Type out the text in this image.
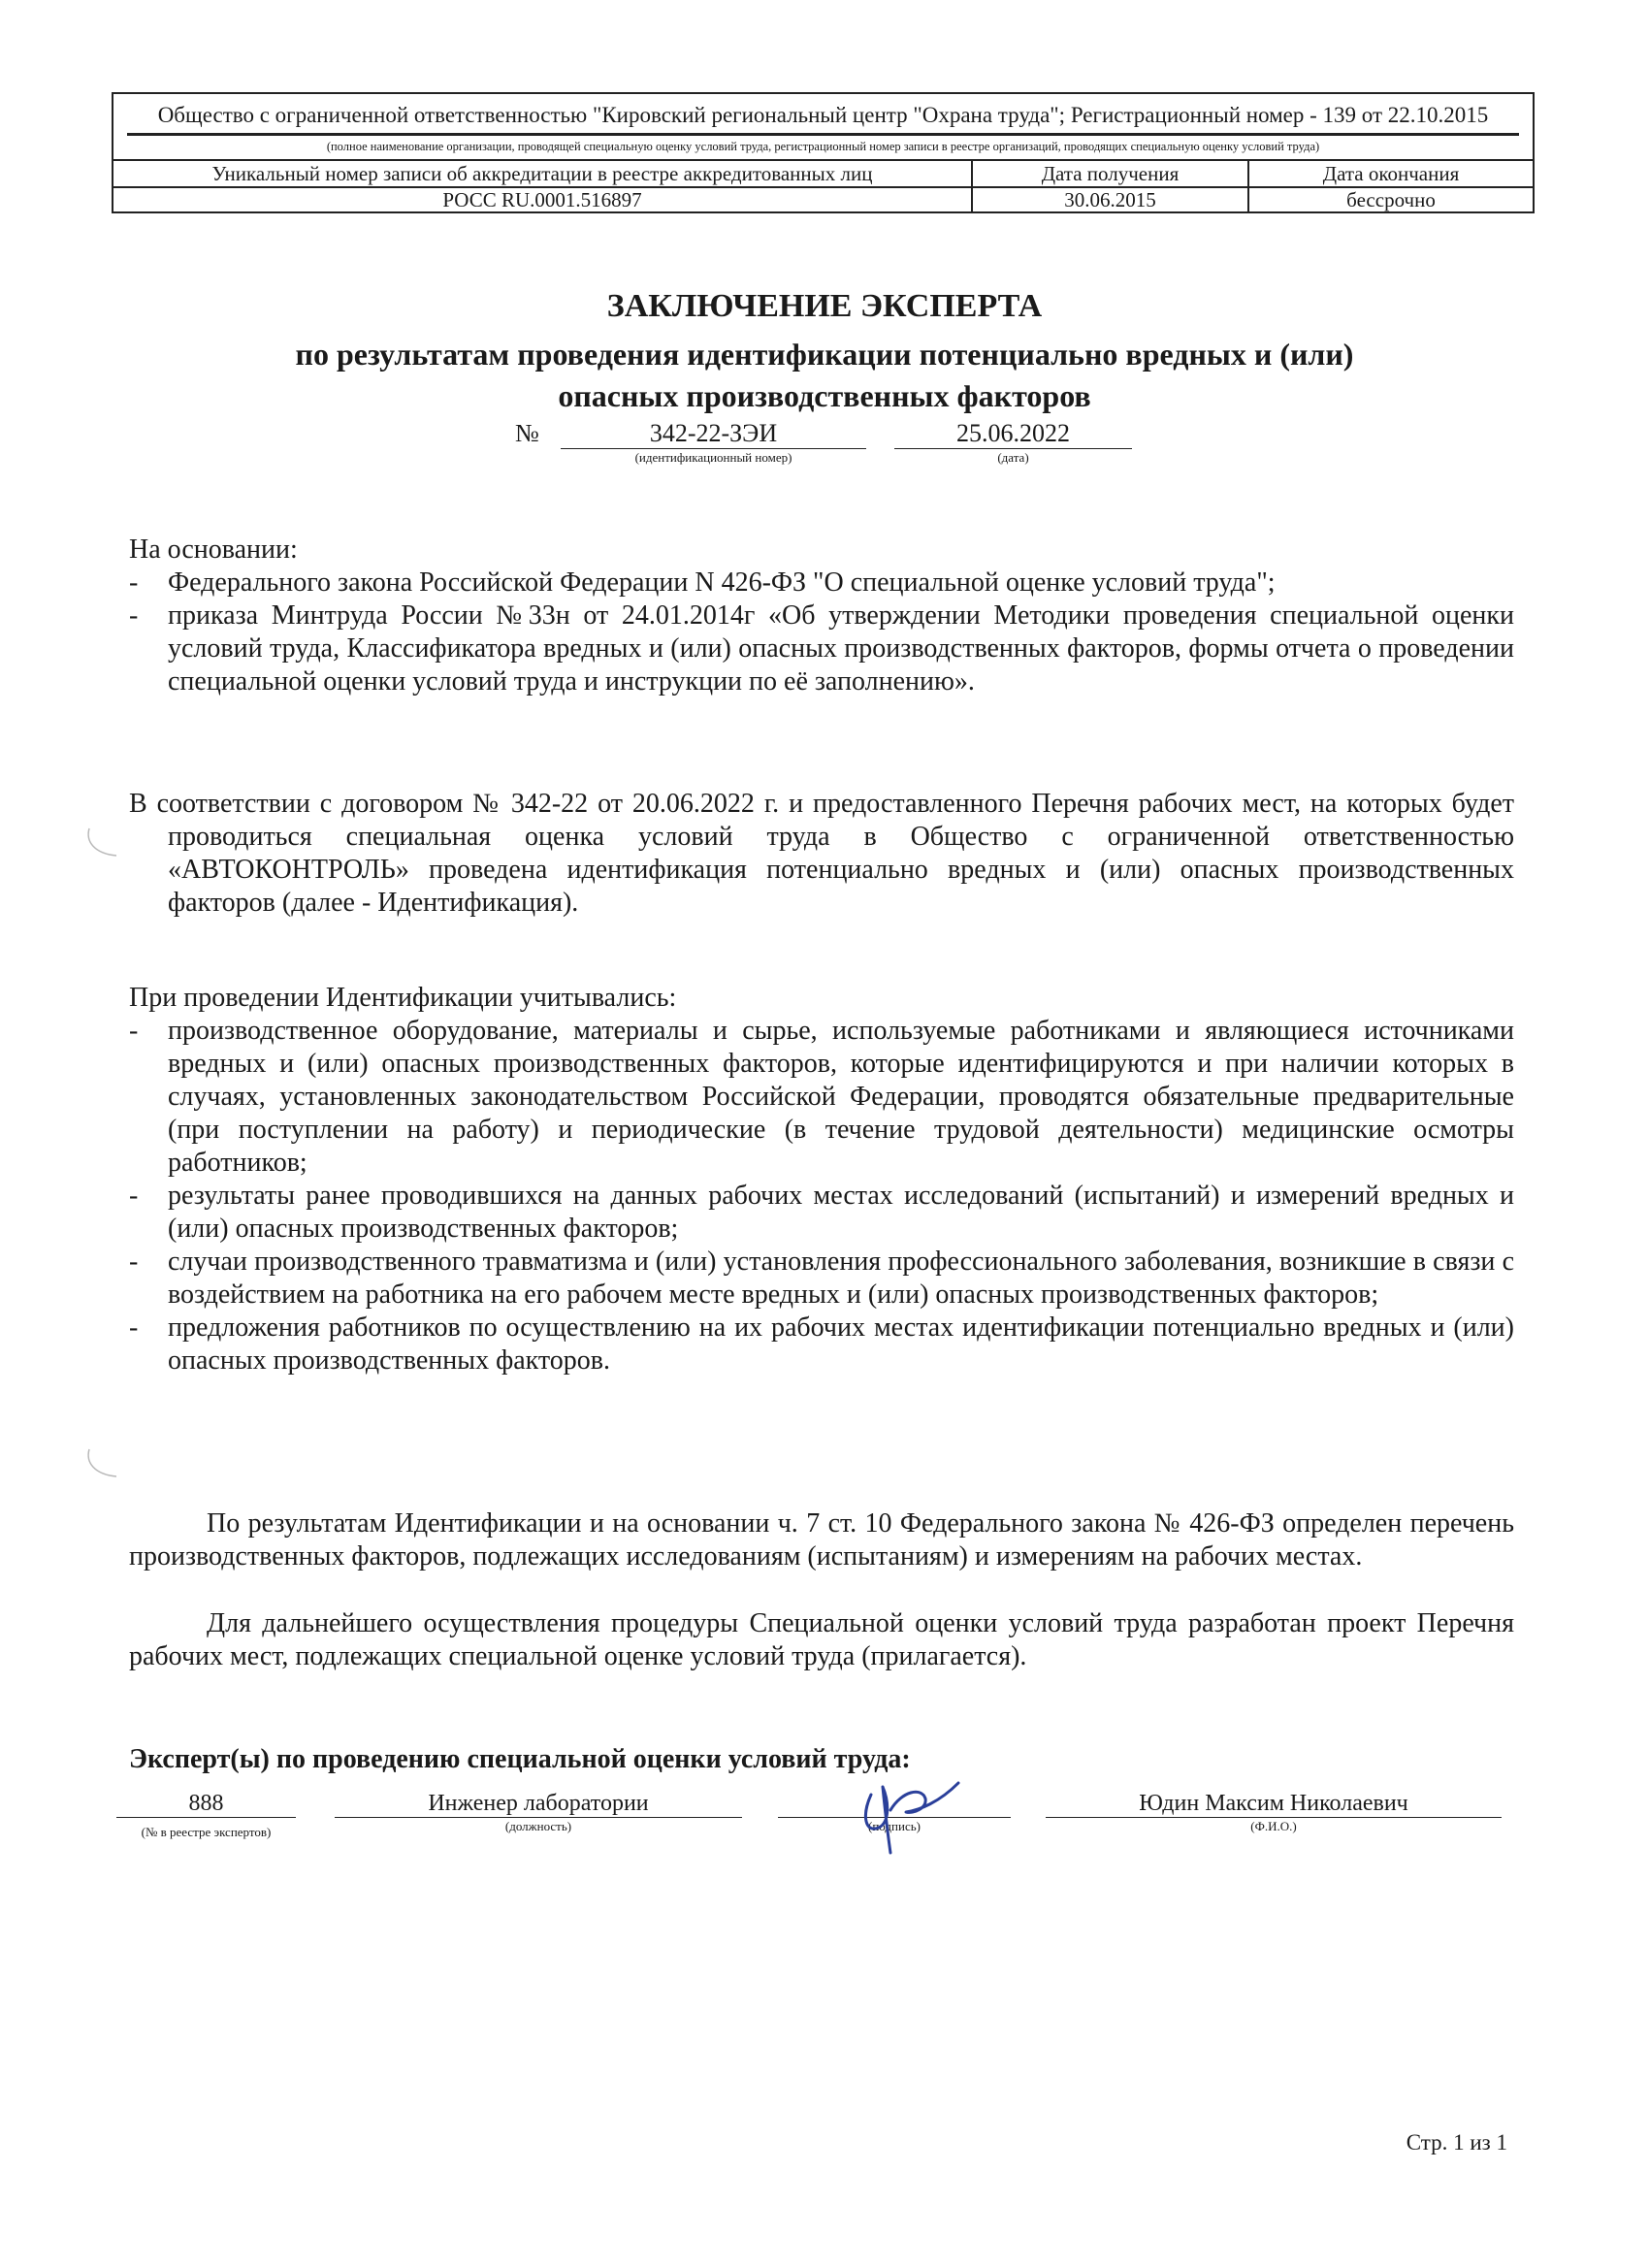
Общество с ограниченной ответственностью "Кировский региональный центр "Охрана труда"; Регистрационный номер - 139 от 22.10.2015
(полное наименование организации, проводящей специальную оценку условий труда, регистрационный номер записи в реестре организаций, проводящих специальную оценку условий труда)		

Уникальный номер записи об аккредитации в реестре аккредитованных лиц	Дата получения	Дата окончания
РОСС RU.0001.516897	30.06.2015	бессрочно
ЗАКЛЮЧЕНИЕ ЭКСПЕРТА
по результатам проведения идентификации потенциально вредных и (или)
опасных производственных факторов
№	342-22-ЗЭИ
(идентификационный номер)
25.06.2022
(дата)

На основании:

- Федерального закона Российской Федерации N 426-ФЗ "О специальной оценке условий труда";
- приказа Минтруда России №33н от 24.01.2014г «Об утверждении Методики проведения специальной оценки условий труда, Классификатора вредных и (или) опасных производственных факторов, формы отчета о проведении специальной оценки условий труда и инструкции по её заполнению».

В соответствии с договором № 342-22 от 20.06.2022 г. и предоставленного Перечня рабочих мест, на которых будет проводиться специальная оценка условий труда в Общество с ограниченной ответственностью «АВТОКОНТРОЛЬ» проведена идентификация потенциально вредных и (или) опасных производственных факторов (далее - Идентификация).

При проведении Идентификации учитывались:

- производственное оборудование, материалы и сырье, используемые работниками и являющиеся источниками вредных и (или) опасных производственных факторов, которые идентифицируются и при наличии которых в случаях, установленных законодательством Российской Федерации, проводятся обязательные предварительные (при поступлении на работу) и периодические (в течение трудовой деятельности) медицинские осмотры работников;
- результаты ранее проводившихся на данных рабочих местах исследований (испытаний) и измерений вредных и (или) опасных производственных факторов;
- случаи производственного травматизма и (или) установления профессионального заболевания, возникшие в связи с воздействием на работника на его рабочем месте вредных и (или) опасных производственных факторов;
- предложения работников по осуществлению на их рабочих местах идентификации потенциально вредных и (или) опасных производственных факторов.

По результатам Идентификации и на основании ч. 7 ст. 10 Федерального закона № 426-ФЗ определен перечень производственных факторов, подлежащих исследованиям (испытаниям) и измерениям на рабочих местах.

Для дальнейшего осуществления процедуры Специальной оценки условий труда разработан проект Перечня рабочих мест, подлежащих специальной оценке условий труда (прилагается).

Эксперт(ы) по проведению специальной оценки условий труда:
888
(№ в реестре экспертов)
Инженер лаборатории
(должность)	(подпись)
Юдин Максим Николаевич
(Ф.И.О.)
Стр. 1 из 1
